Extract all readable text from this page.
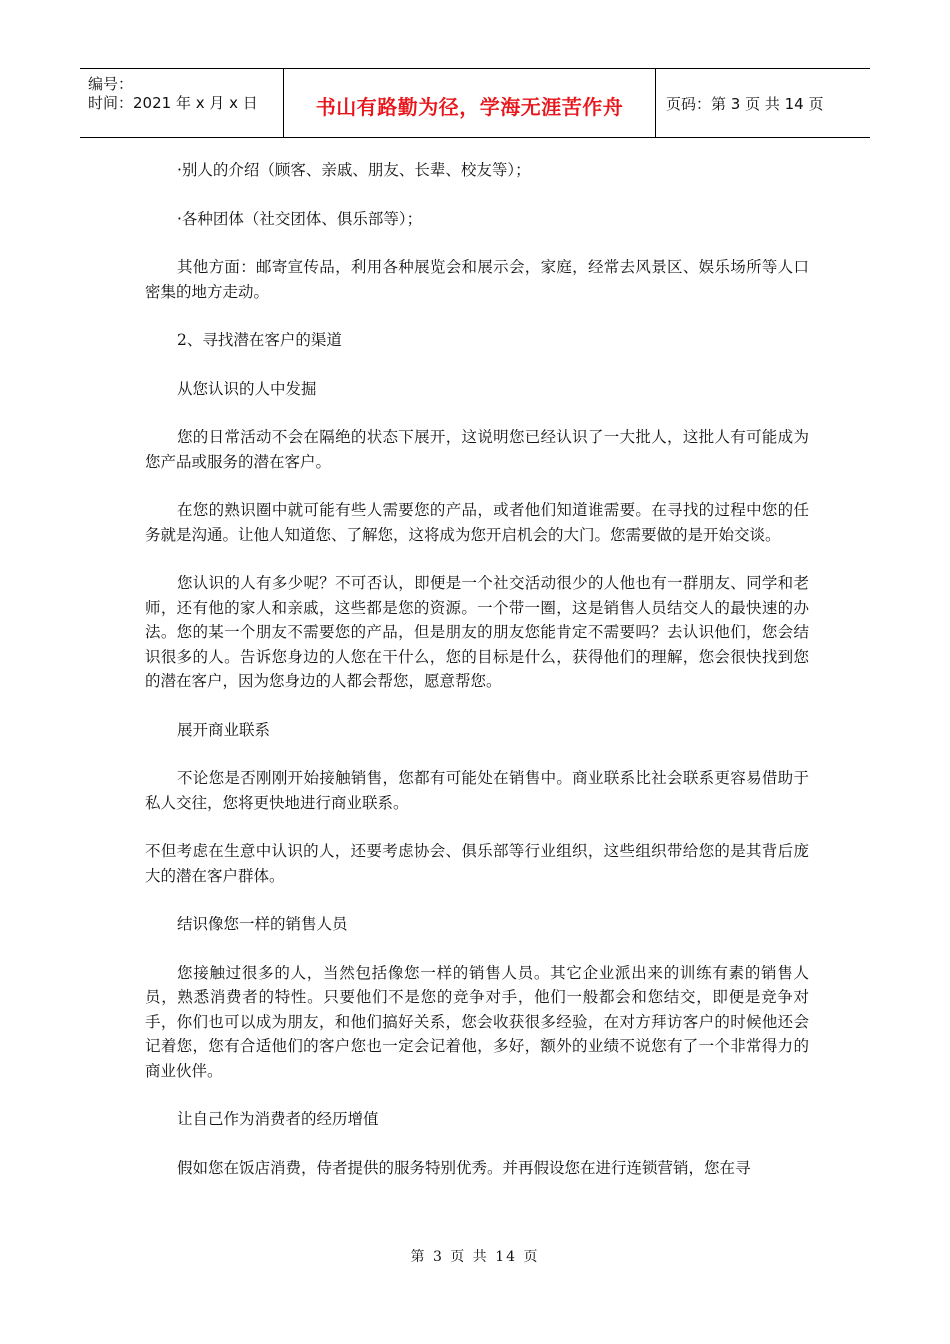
编号：
时间：2021 年 x 月 x 日	书山有路勤为径，学海无涯苦作舟	页码：第 3 页 共 14 页

·别人的介绍（顾客、亲戚、朋友、长辈、校友等）；

·各种团体（社交团体、俱乐部等）；

其他方面：邮寄宣传品，利用各种展览会和展示会，家庭，经常去风景区、娱乐场所等人口密集的地方走动。

2、寻找潜在客户的渠道

从您认识的人中发掘

您的日常活动不会在隔绝的状态下展开，这说明您已经认识了一大批人，这批人有可能成为您产品或服务的潜在客户。

在您的熟识圈中就可能有些人需要您的产品，或者他们知道谁需要。在寻找的过程中您的任务就是沟通。让他人知道您、了解您，这将成为您开启机会的大门。您需要做的是开始交谈。

您认识的人有多少呢？不可否认，即便是一个社交活动很少的人他也有一群朋友、同学和老师，还有他的家人和亲戚，这些都是您的资源。一个带一圈，这是销售人员结交人的最快速的办法。您的某一个朋友不需要您的产品，但是朋友的朋友您能肯定不需要吗？去认识他们，您会结识很多的人。告诉您身边的人您在干什么，您的目标是什么，获得他们的理解，您会很快找到您的潜在客户，因为您身边的人都会帮您，愿意帮您。

展开商业联系

不论您是否刚刚开始接触销售，您都有可能处在销售中。商业联系比社会联系更容易借助于私人交往，您将更快地进行商业联系。

不但考虑在生意中认识的人，还要考虑协会、俱乐部等行业组织，这些组织带给您的是其背后庞大的潜在客户群体。

结识像您一样的销售人员

您接触过很多的人，当然包括像您一样的销售人员。其它企业派出来的训练有素的销售人员，熟悉消费者的特性。只要他们不是您的竞争对手，他们一般都会和您结交，即便是竞争对手，你们也可以成为朋友，和他们搞好关系，您会收获很多经验，在对方拜访客户的时候他还会记着您，您有合适他们的客户您也一定会记着他，多好，额外的业绩不说您有了一个非常得力的商业伙伴。

让自己作为消费者的经历增值

假如您在饭店消费，侍者提供的服务特别优秀。并再假设您在进行连锁营销，您在寻

第 3 页 共 14 页
